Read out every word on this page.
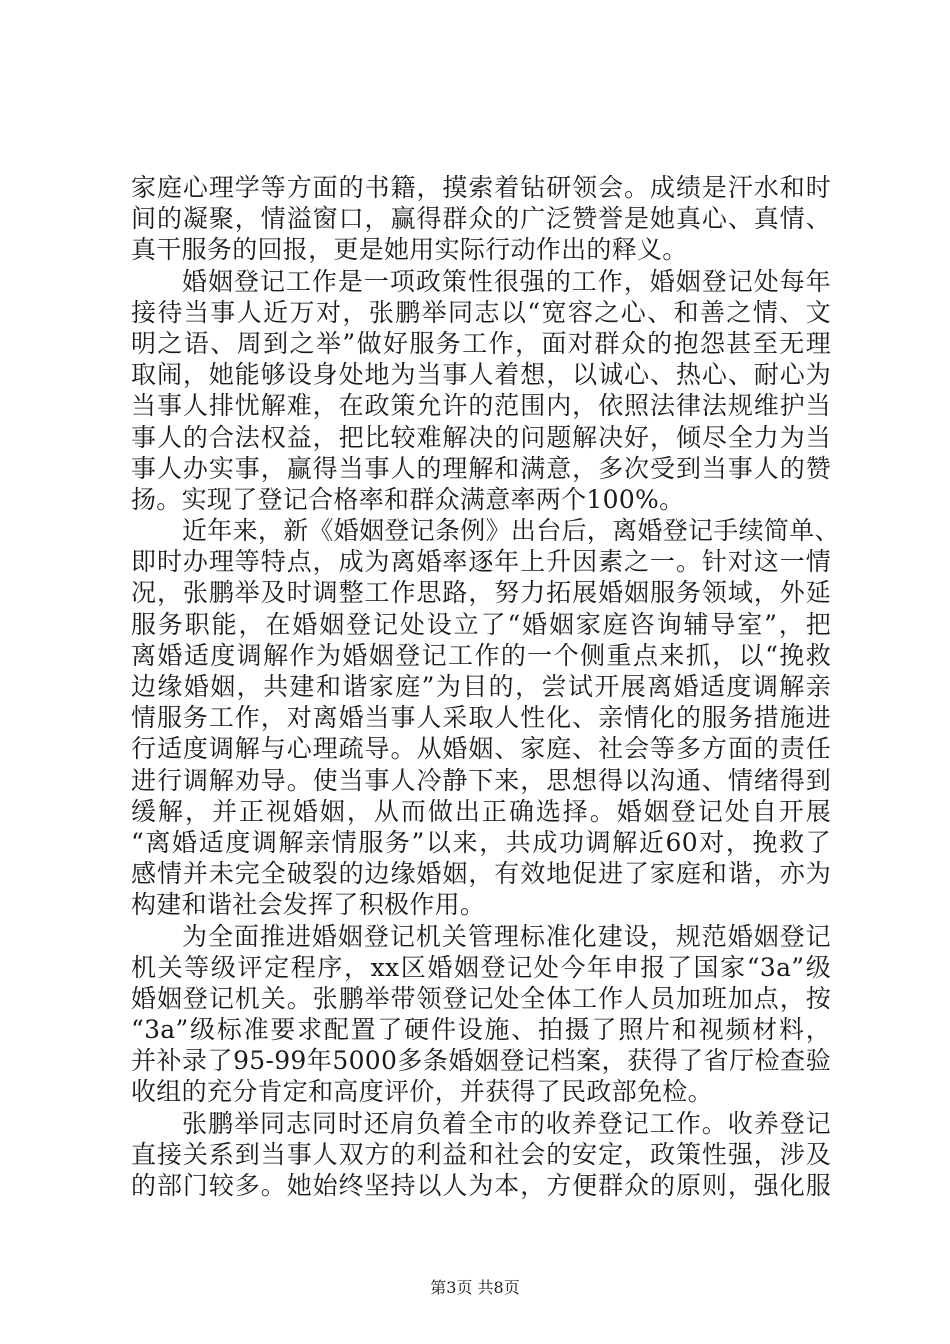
家庭心理学等方面的书籍，摸索着钻研领会。成绩是汗水和时
间的凝聚，情溢窗口，赢得群众的广泛赞誉是她真心、真情、
真干服务的回报，更是她用实际行动作出的释义。
婚姻登记工作是一项政策性很强的工作，婚姻登记处每年
接待当事人近万对，张鹏举同志以“宽容之心、和善之情、文
明之语、周到之举”做好服务工作，面对群众的抱怨甚至无理
取闹，她能够设身处地为当事人着想，以诚心、热心、耐心为
当事人排忧解难，在政策允许的范围内，依照法律法规维护当
事人的合法权益，把比较难解决的问题解决好，倾尽全力为当
事人办实事，赢得当事人的理解和满意，多次受到当事人的赞
扬。实现了登记合格率和群众满意率两个100%。
近年来，新《婚姻登记条例》出台后，离婚登记手续简单、
即时办理等特点，成为离婚率逐年上升因素之一。针对这一情
况，张鹏举及时调整工作思路，努力拓展婚姻服务领域，外延
服务职能，在婚姻登记处设立了“婚姻家庭咨询辅导室”，把
离婚适度调解作为婚姻登记工作的一个侧重点来抓，以“挽救
边缘婚姻，共建和谐家庭”为目的，尝试开展离婚适度调解亲
情服务工作，对离婚当事人采取人性化、亲情化的服务措施进
行适度调解与心理疏导。从婚姻、家庭、社会等多方面的责任
进行调解劝导。使当事人冷静下来，思想得以沟通、情绪得到
缓解，并正视婚姻，从而做出正确选择。婚姻登记处自开展
“离婚适度调解亲情服务”以来，共成功调解近60对，挽救了
感情并未完全破裂的边缘婚姻，有效地促进了家庭和谐，亦为
构建和谐社会发挥了积极作用。
为全面推进婚姻登记机关管理标准化建设，规范婚姻登记
机关等级评定程序，xx区婚姻登记处今年申报了国家“3a”级
婚姻登记机关。张鹏举带领登记处全体工作人员加班加点，按
“3a”级标准要求配置了硬件设施、拍摄了照片和视频材料，
并补录了95-99年5000多条婚姻登记档案，获得了省厅检查验
收组的充分肯定和高度评价，并获得了民政部免检。
张鹏举同志同时还肩负着全市的收养登记工作。收养登记
直接关系到当事人双方的利益和社会的安定，政策性强，涉及
的部门较多。她始终坚持以人为本，方便群众的原则，强化服
第3页 共8页
